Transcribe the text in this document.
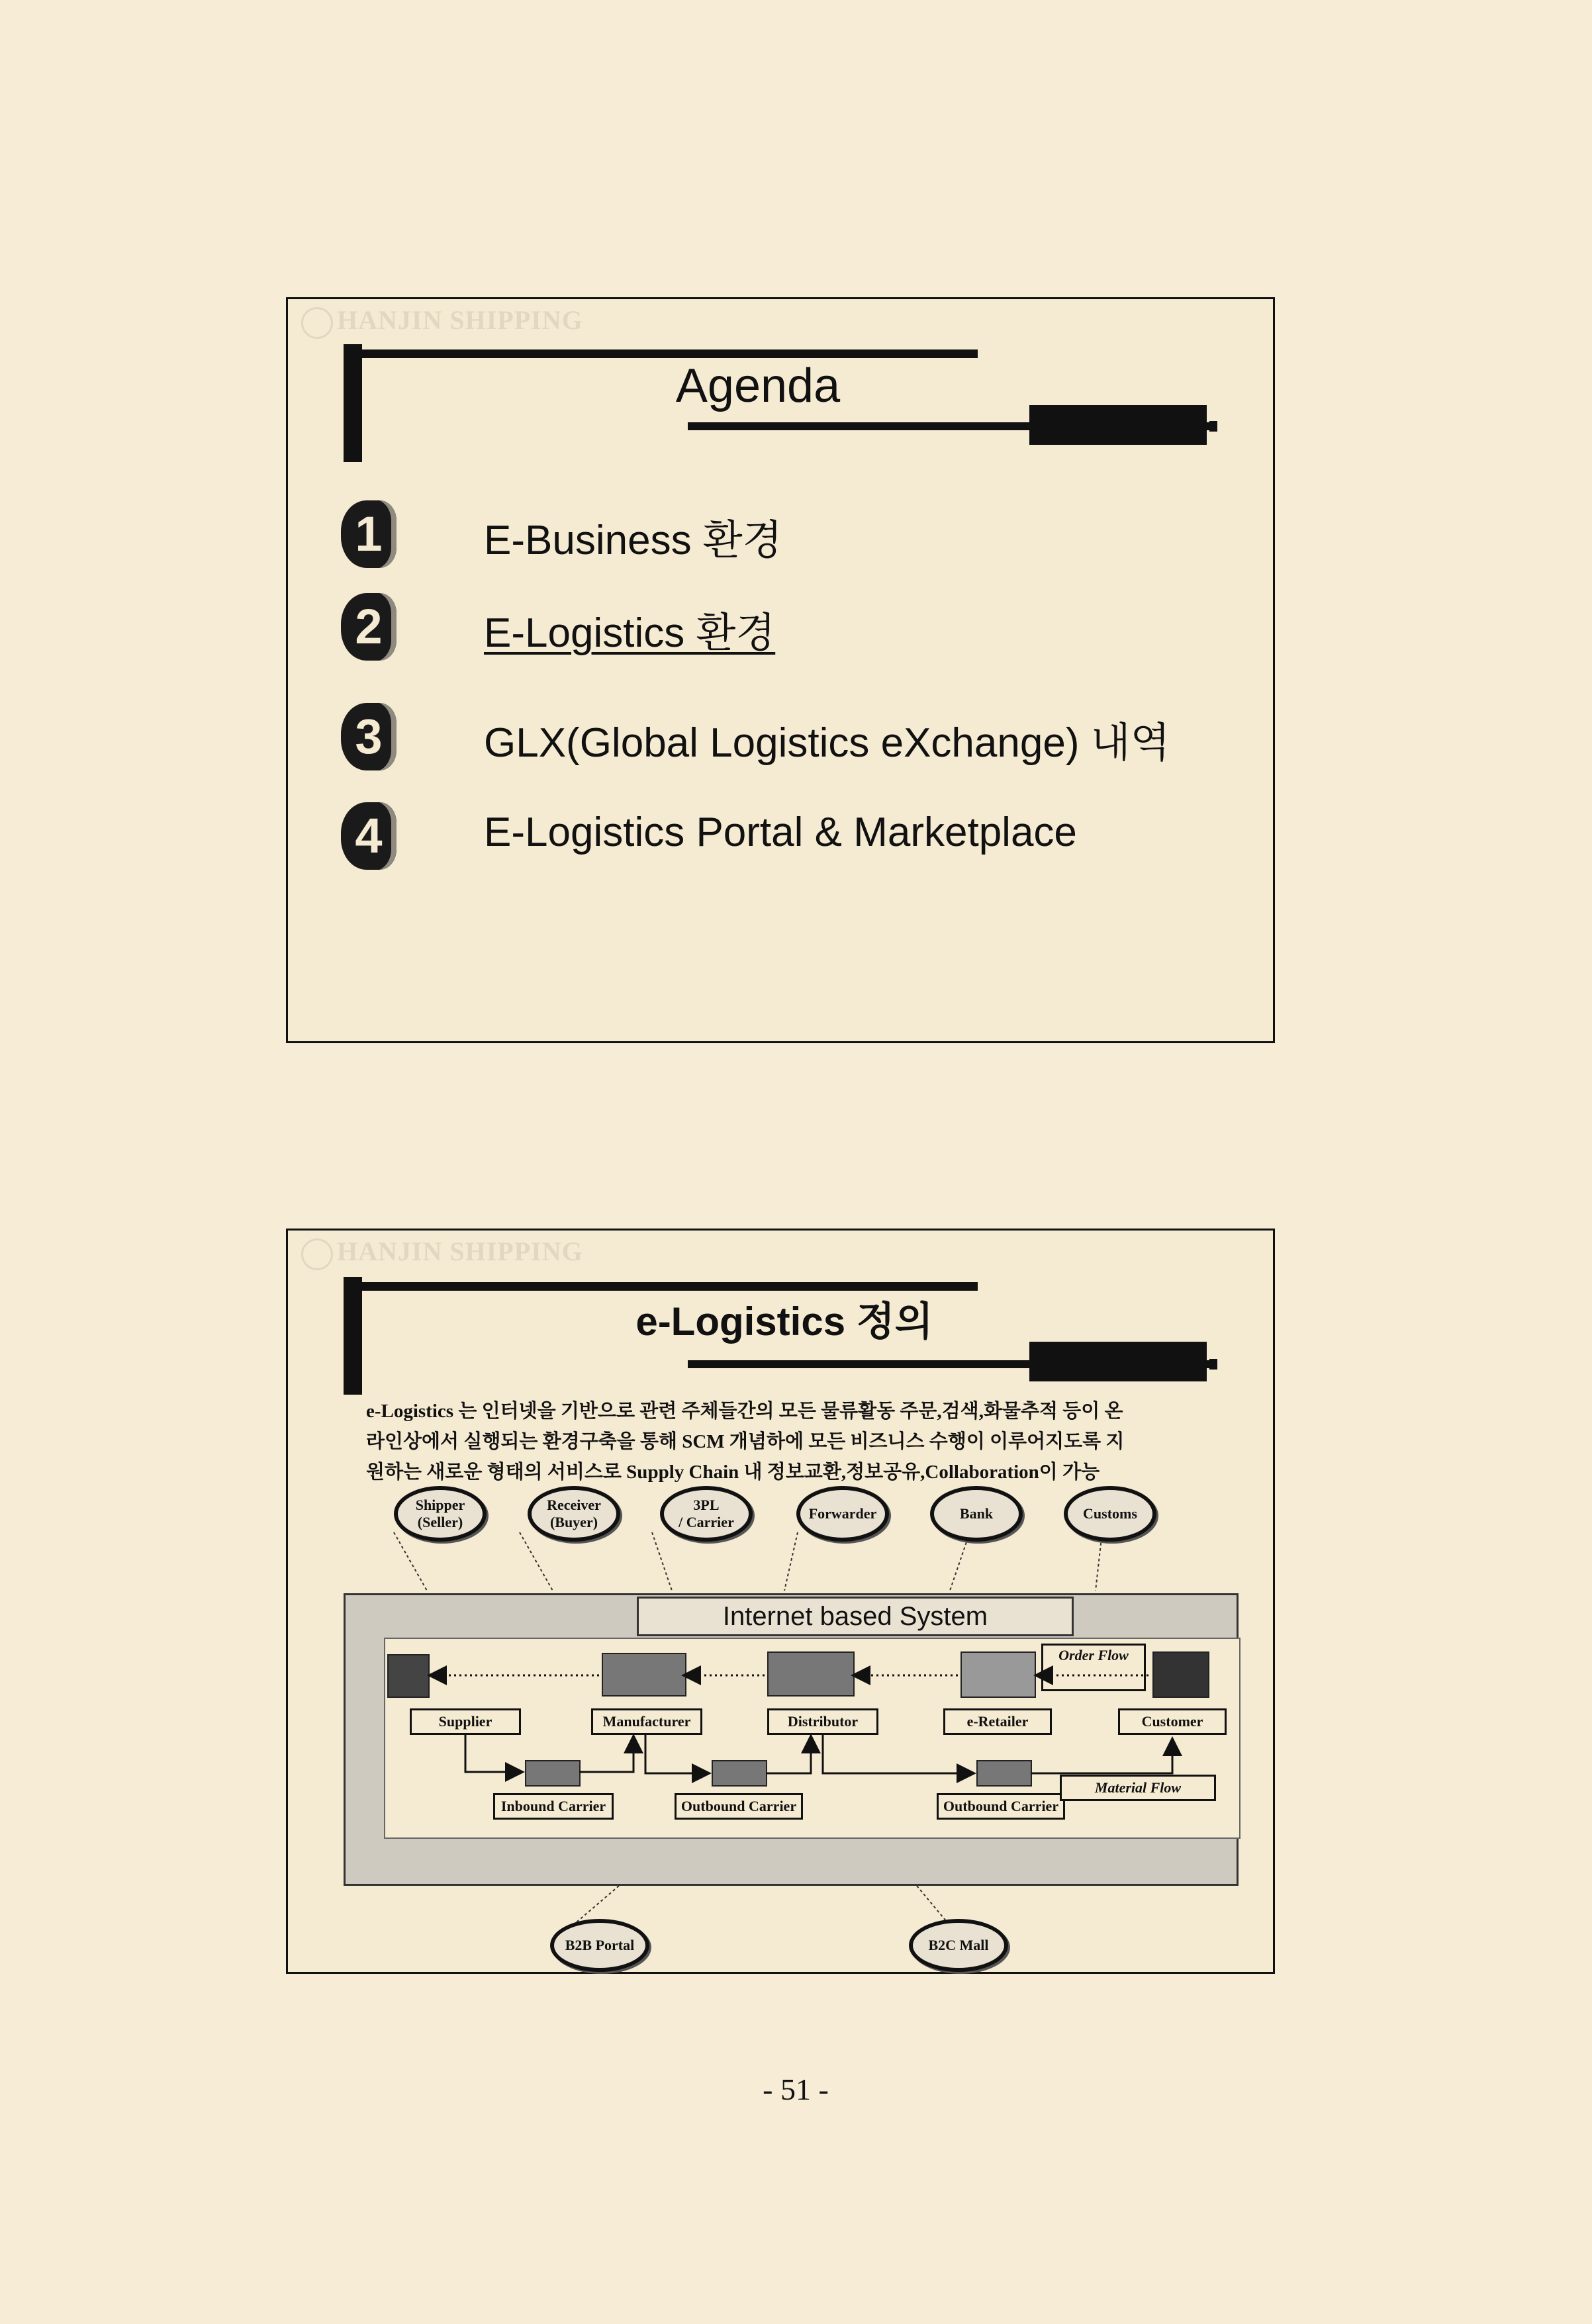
HANJIN SHIPPING
Agenda
1	E-Business 환경
2	E-Logistics 환경
3	GLX(Global Logistics eXchange) 내역
4	E-Logistics Portal & Marketplace
HANJIN SHIPPING
e-Logistics 정의
e-Logistics 는 인터넷을 기반으로 관련 주체들간의 모든 물류활동 주문,검색,화물추적 등이 온
라인상에서 실행되는 환경구축을 통해 SCM 개념하에 모든 비즈니스 수행이 이루어지도록 지
원하는 새로운 형태의 서비스로 Supply Chain 내 정보교환,정보공유,Collaboration이 가능
Shipper
(Seller)
Receiver
(Buyer)
3PL
/ Carrier
Forwarder	Bank	Customs
Internet based System
Supplier	Manufacturer	Distributor	e-Retailer	Customer
Inbound Carrier	Outbound Carrier	Outbound Carrier
Order Flow
Material Flow
B2B Portal	B2C Mall
- 51 -
